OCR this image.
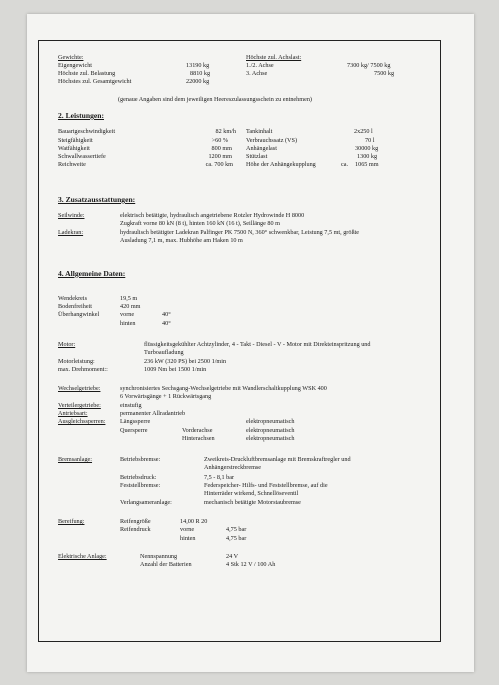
Gewichte:
Eigengewicht	13190 kg
Höchste zul. Belastung	8810 kg
Höchstes zul. Gesamtgewicht	22000 kg
Höchste zul. Achslast:
1./2. Achse	7300 kg/ 7500 kg
3. Achse	7500 kg
(genaue Angaben sind dem jeweiligen Heereszulassungsschein zu entnehmen)
2. Leistungen:
Bauartgeschwindigkeit	82 km/h
Steigfähigkeit	>60 %
Watfähigkeit	800 mm
Schwallwassertiefe	1200 mm
Reichweite	ca. 700 km
Tankinhalt	2x250 l
Verbrauchssatz (VS)	70 l
Anhängelast	30000 kg
Stützlast	1300 kg
Höhe der Anhängekupplung	ca. 1065 mm
3. Zusatzausstattungen:
Seilwinde:	elektrisch betätigte, hydraulisch angetriebene Rotzler Hydrowinde H 8000
Zugkraft vorne 80 kN (8 t), hinten 160 kN (16 t), Seillänge 80 m
Ladekran:	hydraulisch betätigter Ladekran Palfinger PK 7500 N, 360° schwenkbar, Leistung 7,5 mt, größte
Ausladung 7,1 m, max. Hubhöhe am Haken 10 m
4. Allgemeine Daten:
Wendekreis	19,5 m
Bodenfreiheit	420 mm
Überhangwinkel	vorne	40°
hinten	40°
Motor:	flüssigkeitsgekühlter Achtzylinder, 4 - Takt - Diesel - V - Motor mit Direkteinspritzung und
Turboaufladung
Motorleistung:	236 kW (320 PS) bei 2500 1/min
max. Drehmoment::	1009 Nm bei 1500 1/min
Wechselgetriebe:	synchronisiertes Sechsgang-Wechselgetriebe mit Wandlerschaltkupplung WSK 400
6 Vorwärtsgänge + 1 Rückwärtsgang
Verteilergetriebe:	einstufig
Antriebsart:	permanenter Allradantrieb
Ausgleichssperren: Längssperre	elektropneumatisch
Quersperre	Vorderachse	elektropneumatisch
Hinterachsen	elektropneumatisch
Bremsanlage:	Betriebsbremse:	Zweikreis-Druckluftbremsanlage mit Bremskraftregler und
Anhängerstreckbremse
Betriebsdruck:	7,5 - 8,1 bar
Feststellbremse:	Federspeicher- Hilfs- und Feststellbremse, auf die
Hinterräder wirkend, Schnellöseventil
Verlangsameranlage:	mechanisch betätigte Motorstaubremse
Bereifung:	Reifengröße	14,00 R 20
Reifendruck	vorne	4,75 bar
hinten	4,75 bar
Elektrische Anlage:	Nennspannung	24 V
Anzahl der Batterien	4 Stk 12 V / 100 Ah
